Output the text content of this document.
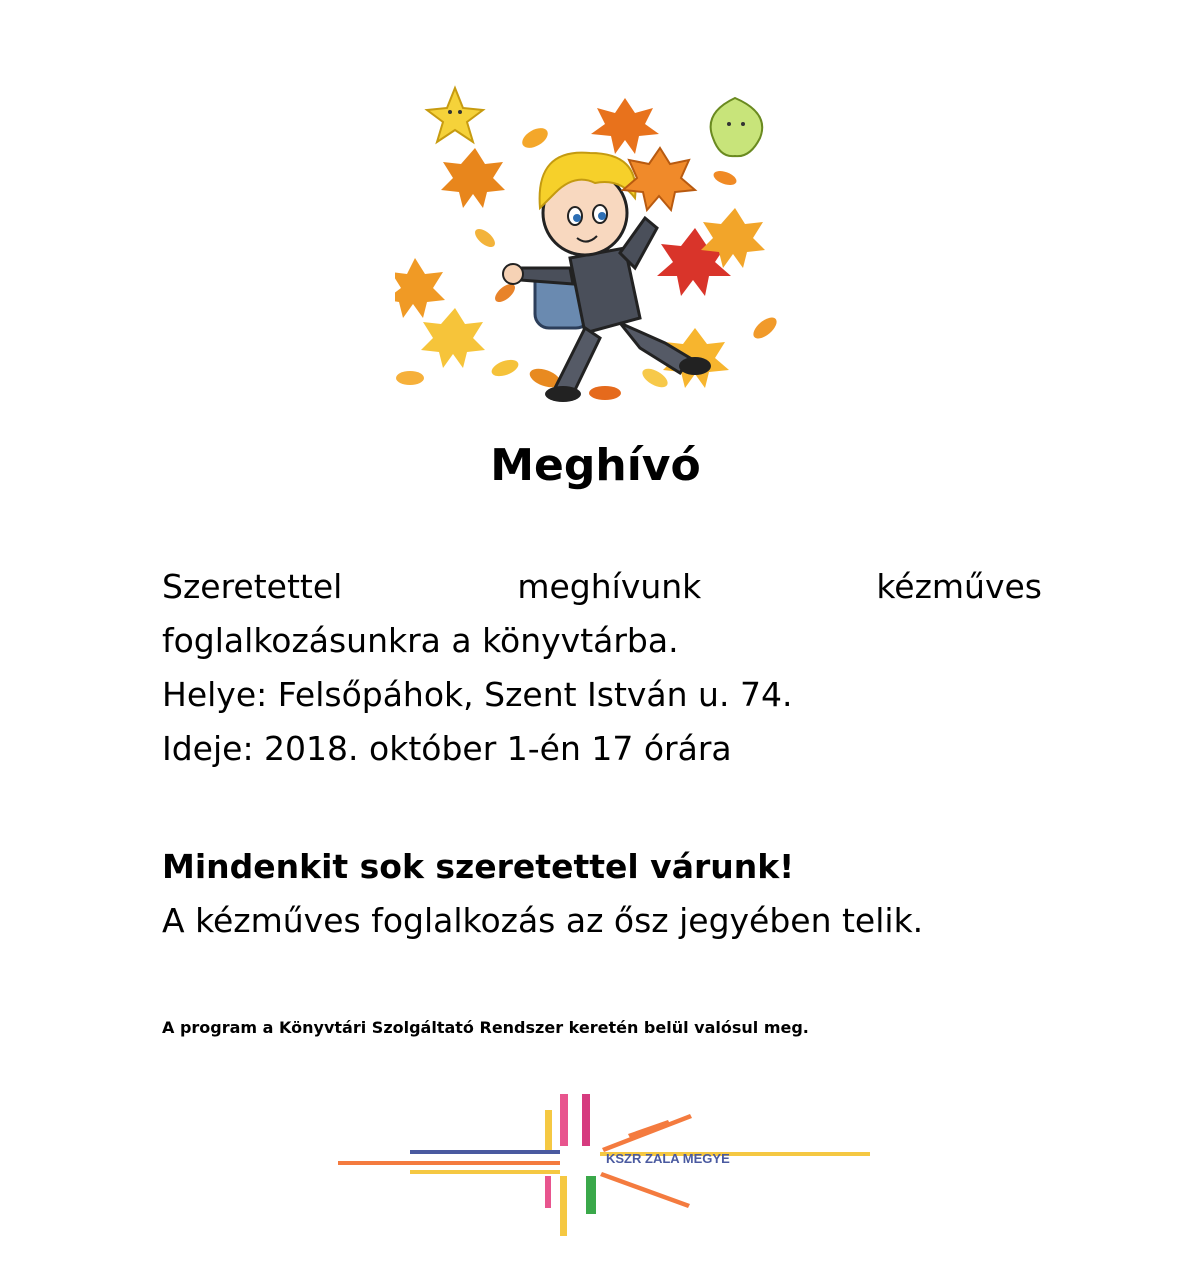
Meghívó
Szeretettel	meghívunk	kézműves
foglalkozásunkra a könyvtárba.
Helye: Felsőpáhok, Szent István u. 74.
Ideje: 2018. október 1-én 17 órára
Mindenkit sok szeretettel várunk!
A kézműves foglalkozás az ősz jegyében telik.
A program a Könyvtári Szolgáltató Rendszer keretén belül valósul meg.
KSZR ZALA MEGYE
